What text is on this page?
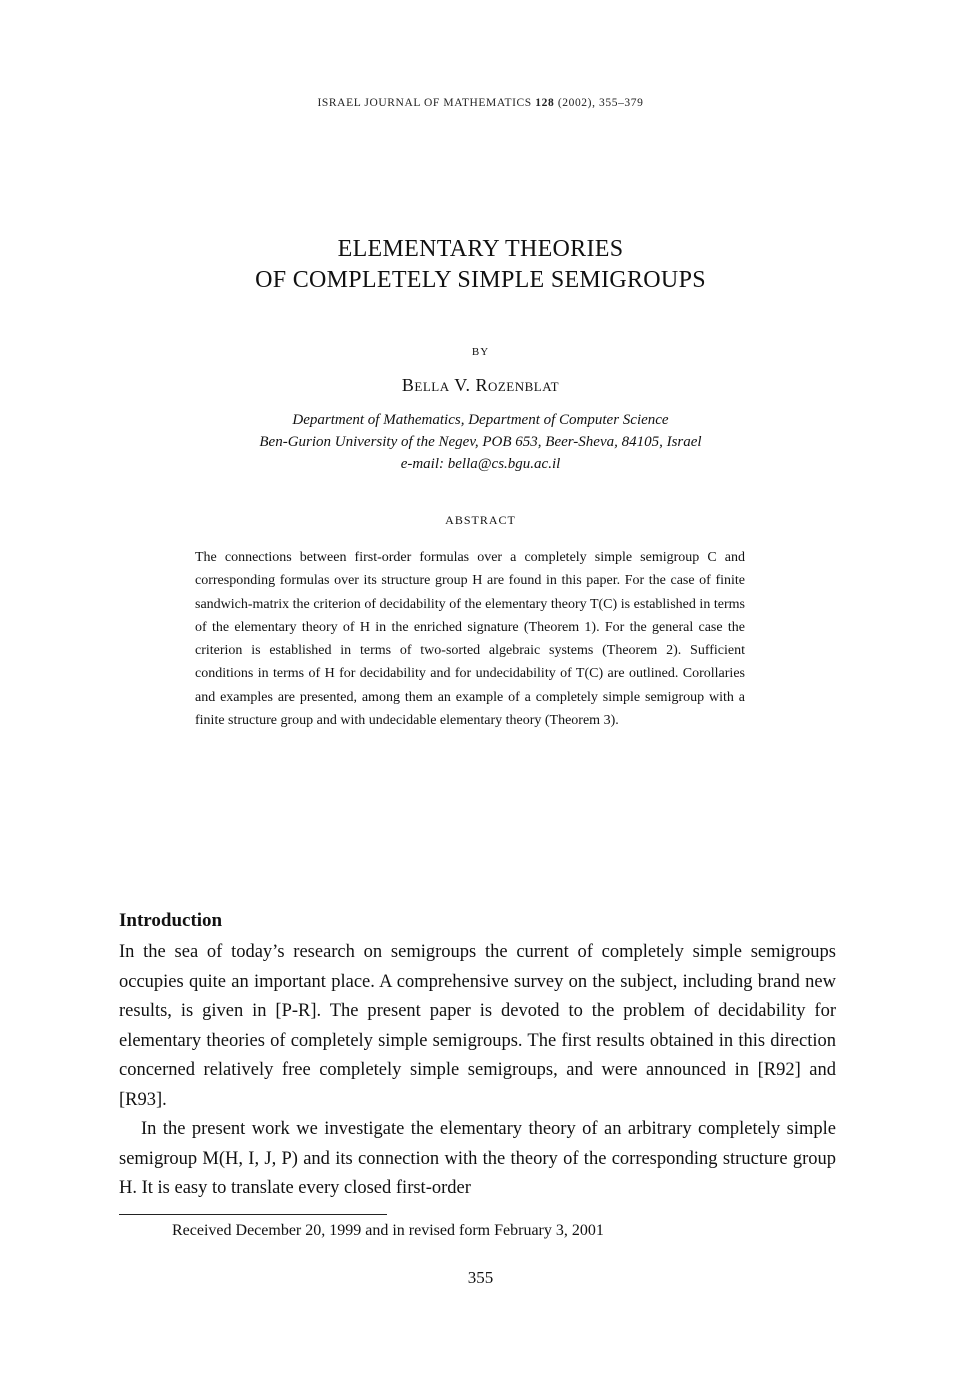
ISRAEL JOURNAL OF MATHEMATICS 128 (2002), 355–379
ELEMENTARY THEORIES
OF COMPLETELY SIMPLE SEMIGROUPS
BY
Bella V. Rozenblat
Department of Mathematics, Department of Computer Science
Ben-Gurion University of the Negev, POB 653, Beer-Sheva, 84105, Israel
e-mail: bella@cs.bgu.ac.il
ABSTRACT
The connections between first-order formulas over a completely simple semigroup C and corresponding formulas over its structure group H are found in this paper. For the case of finite sandwich-matrix the criterion of decidability of the elementary theory T(C) is established in terms of the elementary theory of H in the enriched signature (Theorem 1). For the general case the criterion is established in terms of two-sorted algebraic systems (Theorem 2). Sufficient conditions in terms of H for decidability and for undecidability of T(C) are outlined. Corollaries and examples are presented, among them an example of a completely simple semigroup with a finite structure group and with undecidable elementary theory (Theorem 3).
Introduction

In the sea of today’s research on semigroups the current of completely simple semigroups occupies quite an important place. A comprehensive survey on the subject, including brand new results, is given in [P-R]. The present paper is devoted to the problem of decidability for elementary theories of completely simple semigroups. The first results obtained in this direction concerned relatively free completely simple semigroups, and were announced in [R92] and [R93].

In the present work we investigate the elementary theory of an arbitrary completely simple semigroup M(H, I, J, P) and its connection with the theory of the corresponding structure group H. It is easy to translate every closed first-order

Received December 20, 1999 and in revised form February 3, 2001
355
